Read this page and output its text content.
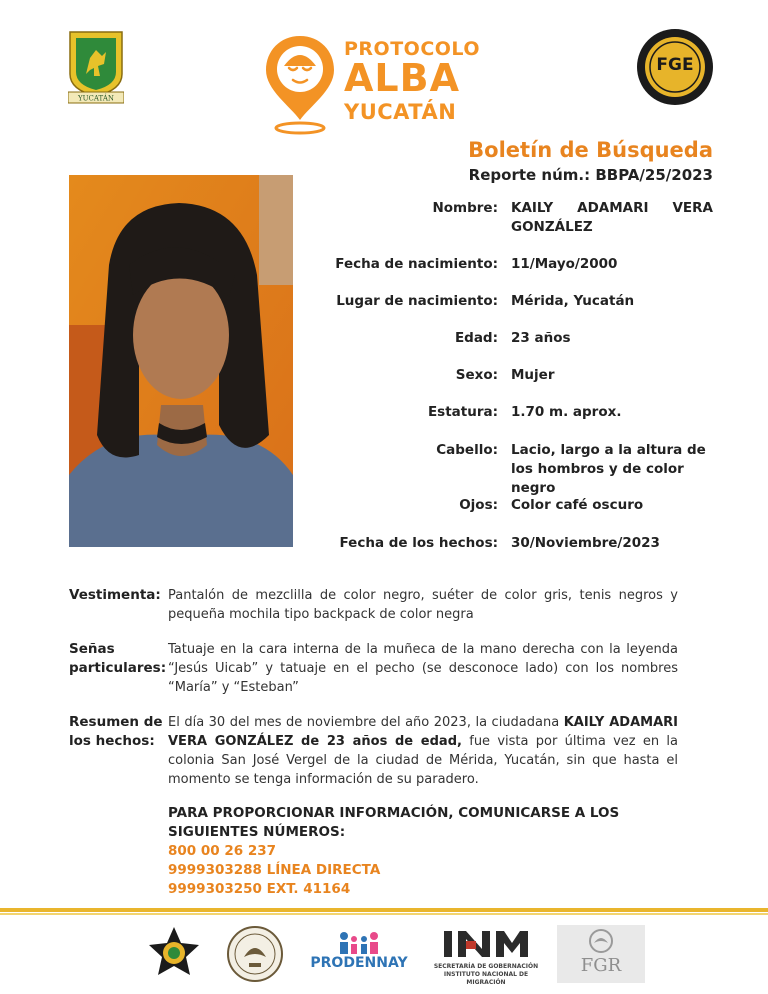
YUCATÁN
PROTOCOLO
ALBA
YUCATÁN
FGE
Boletín de Búsqueda
Reporte núm.: BBPA/25/2023
Nombre: KAILY ADAMARI VERA GONZÁLEZ
Fecha de nacimiento: 11/Mayo/2000
Lugar de nacimiento: Mérida, Yucatán
Edad: 23 años
Sexo: Mujer
Estatura: 1.70 m. aprox.
Cabello: Lacio, largo a la altura de los hombros y de color negro
Ojos: Color café oscuro
Fecha de los hechos: 30/Noviembre/2023
Vestimenta: Pantalón de mezclilla de color negro, suéter de color gris, tenis negros y pequeña mochila tipo backpack de color negra
Señas particulares:
Tatuaje en la cara interna de la muñeca de la mano derecha con la leyenda “Jesús Uicab” y tatuaje en el pecho (se desconoce lado) con los nombres “María” y “Esteban”
Resumen de los hechos:
El día 30 del mes de noviembre del año 2023, la ciudadana KAILY ADAMARI VERA GONZÁLEZ de 23 años de edad, fue vista por última vez en la colonia San José Vergel de la ciudad de Mérida, Yucatán, sin que hasta el momento se tenga información de su paradero.
PARA PROPORCIONAR INFORMACIÓN, COMUNICARSE A LOS SIGUIENTES NÚMEROS:
800 00 26 237
9999303288 LÍNEA DIRECTA
9999303250 EXT. 41164
PRODENNAY	SECRETARÍA DE GOBERNACIÓN
INSTITUTO NACIONAL DE MIGRACIÓN
FGR
